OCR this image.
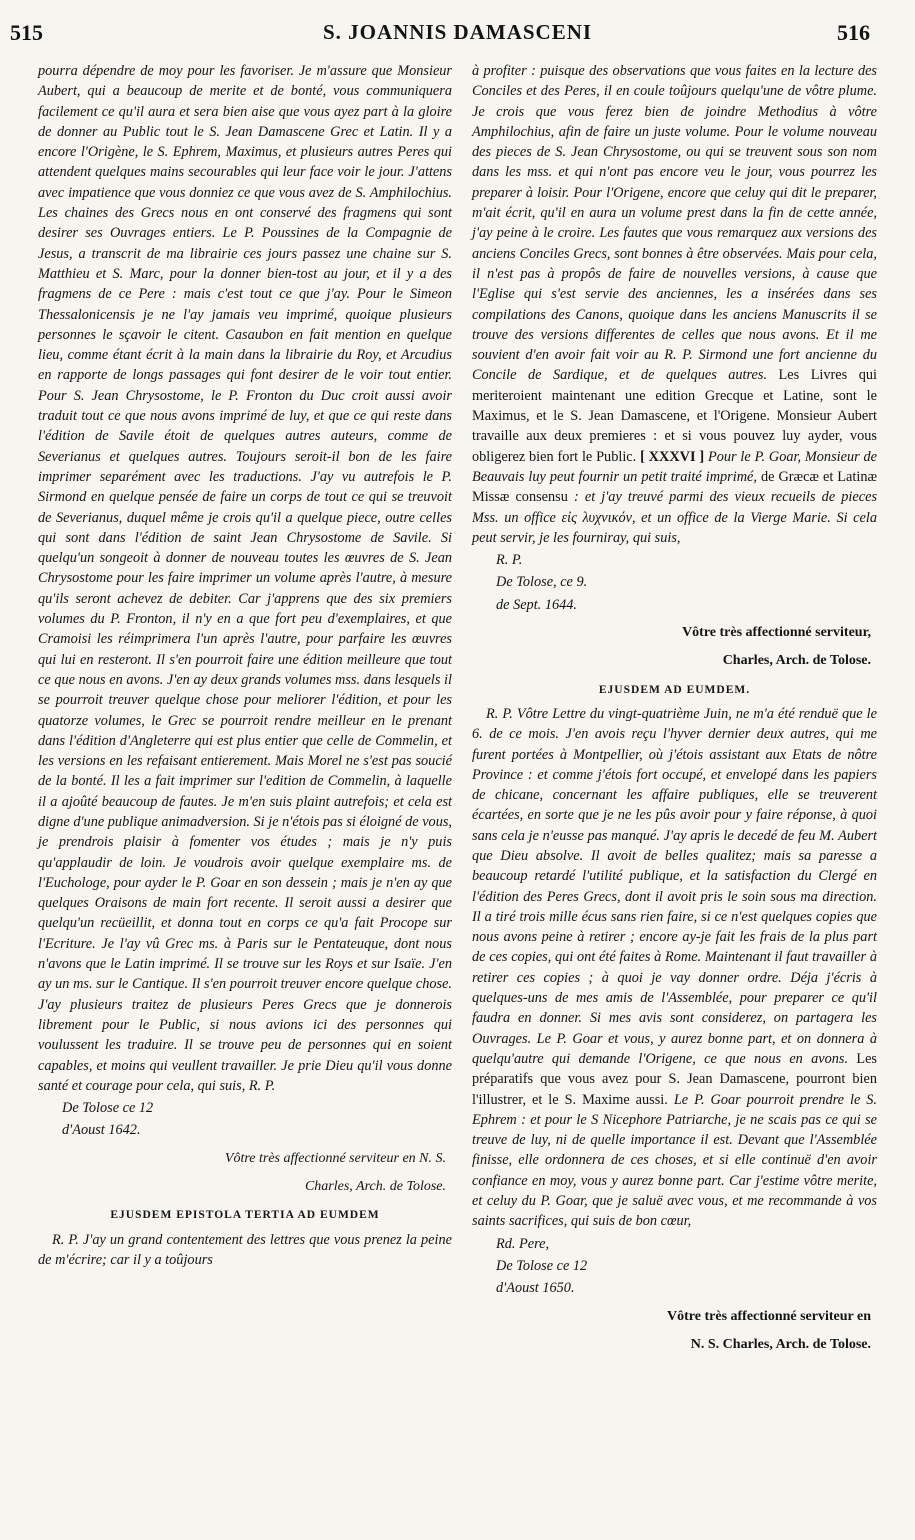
515	S. JOANNIS DAMASCENI	516

pourra dépendre de moy pour les favoriser. Je m'assure que Monsieur Aubert, qui a beaucoup de merite et de bonté, vous communiquera facilement ce qu'il aura et sera bien aise que vous ayez part à la gloire de donner au Public tout le S. Jean Damascene Grec et Latin. Il y a encore l'Origène, le S. Ephrem, Maximus, et plusieurs autres Peres qui attendent quelques mains secourables qui leur face voir le jour. J'attens avec impatience que vous donniez ce que vous avez de S. Amphilochius. Les chaines des Grecs nous en ont conservé des fragmens qui sont desirer ses Ouvrages entiers. Le P. Poussines de la Compagnie de Jesus, a transcrit de ma librairie ces jours passez une chaine sur S. Matthieu et S. Marc, pour la donner bien-tost au jour, et il y a des fragmens de ce Pere : mais c'est tout ce que j'ay. Pour le Simeon Thessalonicensis je ne l'ay jamais veu imprimé, quoique plusieurs personnes le sçavoir le citent. Casaubon en fait mention en quelque lieu, comme étant écrit à la main dans la librairie du Roy, et Arcudius en rapporte de longs passages qui font desirer de le voir tout entier. Pour S. Jean Chrysostome, le P. Fronton du Duc croit aussi avoir traduit tout ce que nous avons imprimé de luy, et que ce qui reste dans l'édition de Savile étoit de quelques autres auteurs, comme de Severianus et quelques autres. Toujours seroit-il bon de les faire imprimer separément avec les traductions. J'ay vu autrefois le P. Sirmond en quelque pensée de faire un corps de tout ce qui se treuvoit de Severianus, duquel même je crois qu'il a quelque piece, outre celles qui sont dans l'édition de saint Jean Chrysostome de Savile. Si quelqu'un songeoit à donner de nouveau toutes les œuvres de S. Jean Chrysostome pour les faire imprimer un volume après l'autre, à mesure qu'ils seront achevez de debiter. Car j'apprens que des six premiers volumes du P. Fronton, il n'y en a que fort peu d'exemplaires, et que Cramoisi les réimprimera l'un après l'autre, pour parfaire les œuvres qui lui en resteront. Il s'en pourroit faire une édition meilleure que tout ce que nous en avons. J'en ay deux grands volumes mss. dans lesquels il se pourroit treuver quelque chose pour meliorer l'édition, et pour les quatorze volumes, le Grec se pourroit rendre meilleur en le prenant dans l'édition d'Angleterre qui est plus entier que celle de Commelin, et les versions en les refaisant entierement. Mais Morel ne s'est pas soucié de la bonté. Il les a fait imprimer sur l'edition de Commelin, à laquelle il a ajoûté beaucoup de fautes. Je m'en suis plaint autrefois; et cela est digne d'une publique animadversion. Si je n'étois pas si éloigné de vous, je prendrois plaisir à fomenter vos études ; mais je n'y puis qu'applaudir de loin. Je voudrois avoir quelque exemplaire ms. de l'Euchologe, pour ayder le P. Goar en son dessein ; mais je n'en ay que quelques Oraisons de main fort recente. Il seroit aussi a desirer que quelqu'un recüeillit, et donna tout en corps ce qu'a fait Procope sur l'Ecriture. Je l'ay vû Grec ms. à Paris sur le Pentateuque, dont nous n'avons que le Latin imprimé. Il se trouve sur les Roys et sur Isaïe. J'en ay un ms. sur le Cantique. Il s'en pourroit treuver encore quelque chose. J'ay plusieurs traitez de plusieurs Peres Grecs que je donnerois librement pour le Public, si nous avions ici des personnes qui voulussent les traduire. Il se trouve peu de personnes qui en soient capables, et moins qui veullent travailler. Je prie Dieu qu'il vous donne santé et courage pour cela, qui suis, R. P.

De Tolose ce 12
d'Aoust 1642.
Vôtre très affectionné serviteur en N. S.
Charles, Arch. de Tolose.
EJUSDEM EPISTOLA TERTIA AD EUMDEM

R. P. J'ay un grand contentement des lettres que vous prenez la peine de m'écrire; car il y a toûjours

à profiter : puisque des observations que vous faites en la lecture des Conciles et des Peres, il en coule toûjours quelqu'une de vôtre plume. Je crois que vous ferez bien de joindre Methodius à vôtre Amphilochius, afin de faire un juste volume. Pour le volume nouveau des pieces de S. Jean Chrysostome, ou qui se treuvent sous son nom dans les mss. et qui n'ont pas encore veu le jour, vous pourrez les preparer à loisir. Pour l'Origene, encore que celuy qui dit le preparer, m'ait écrit, qu'il en aura un volume prest dans la fin de cette année, j'ay peine à le croire. Les fautes que vous remarquez aux versions des anciens Conciles Grecs, sont bonnes à être observées. Mais pour cela, il n'est pas à propôs de faire de nouvelles versions, à cause que l'Eglise qui s'est servie des anciennes, les a insérées dans ses compilations des Canons, quoique dans les anciens Manuscrits il se trouve des versions differentes de celles que nous avons. Et il me souvient d'en avoir fait voir au R. P. Sirmond une fort ancienne du Concile de Sardique, et de quelques autres. Les Livres qui meriteroient maintenant une edition Grecque et Latine, sont le Maximus, et le S. Jean Damascene, et l'Origene. Monsieur Aubert travaille aux deux premieres : et si vous pouvez luy ayder, vous obligerez bien fort le Public. [ XXXVI ] Pour le P. Goar, Monsieur de Beauvais luy peut fournir un petit traité imprimé, de Græcæ et Latinæ Missæ consensu : et j'ay treuvé parmi des vieux recueils de pieces Mss. un office εἰς λυχνικόν, et un office de la Vierge Marie. Si cela peut servir, je les fourniray, qui suis,

R. P.
De Tolose, ce 9.
de Sept. 1644.
Vôtre très affectionné serviteur,
Charles, Arch. de Tolose.
EJUSDEM AD EUMDEM.

R. P. Vôtre Lettre du vingt-quatrième Juin, ne m'a été renduë que le 6. de ce mois. J'en avois reçu l'hyver dernier deux autres, qui me furent portées à Montpellier, où j'étois assistant aux Etats de nôtre Province : et comme j'étois fort occupé, et envelopé dans les papiers de chicane, concernant les affaire publiques, elle se treuverent écartées, en sorte que je ne les pûs avoir pour y faire réponse, à quoi sans cela je n'eusse pas manqué. J'ay apris le decedé de feu M. Aubert que Dieu absolve. Il avoit de belles qualitez; mais sa paresse a beaucoup retardé l'utilité publique, et la satisfaction du Clergé en l'édition des Peres Grecs, dont il avoit pris le soin sous ma direction. Il a tiré trois mille écus sans rien faire, si ce n'est quelques copies que nous avons peine à retirer ; encore ay-je fait les frais de la plus part de ces copies, qui ont été faites à Rome. Maintenant il faut travailler à retirer ces copies ; à quoi je vay donner ordre. Déja j'écris à quelques-uns de mes amis de l'Assemblée, pour preparer ce qu'il faudra en donner. Si mes avis sont considerez, on partagera les Ouvrages. Le P. Goar et vous, y aurez bonne part, et on donnera à quelqu'autre qui demande l'Origene, ce que nous en avons. Les préparatifs que vous avez pour S. Jean Damascene, pourront bien l'illustrer, et le S. Maxime aussi. Le P. Goar pourroit prendre le S. Ephrem : et pour le S Nicephore Patriarche, je ne scais pas ce qui se treuve de luy, ni de quelle importance il est. Devant que l'Assemblée finisse, elle ordonnera de ces choses, et si elle continuë d'en avoir confiance en moy, vous y aurez bonne part. Car j'estime vôtre merite, et celuy du P. Goar, que je saluë avec vous, et me recommande à vos saints sacrifices, qui suis de bon cœur,

Rd. Pere,
De Tolose ce 12
d'Aoust 1650.
Vôtre très affectionné serviteur en
N. S. Charles, Arch. de Tolose.
